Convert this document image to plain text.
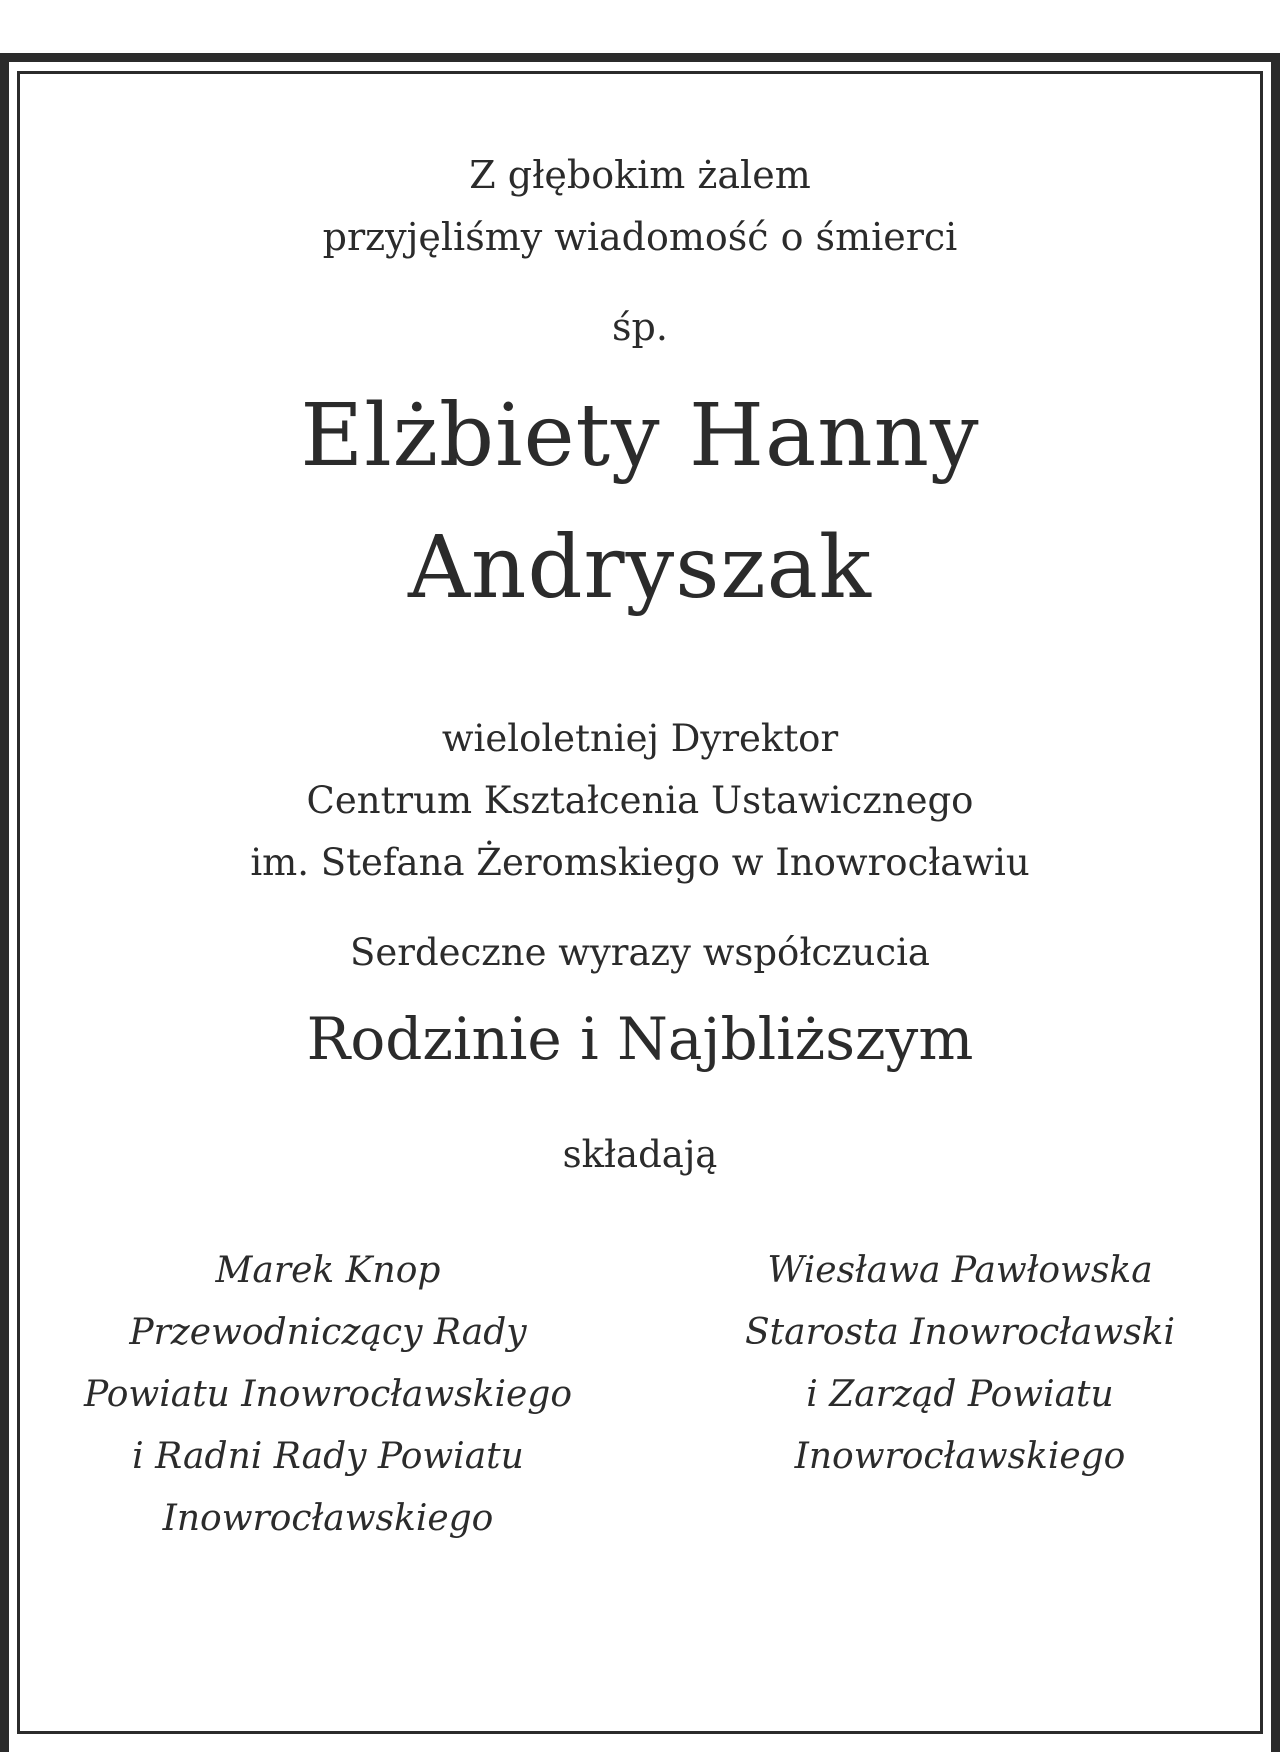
Z głębokim żalem
przyjęliśmy wiadomość o śmierci

śp.

Elżbiety Hanny
Andryszak

wieloletniej Dyrektor
Centrum Kształcenia Ustawicznego
im. Stefana Żeromskiego w Inowrocławiu

Serdeczne wyrazy współczucia

Rodzinie i Najbliższym

składają

Marek Knop
Przewodniczący Rady
Powiatu Inowrocławskiego
i Radni Rady Powiatu
Inowrocławskiego
Wiesława Pawłowska
Starosta Inowrocławski
i Zarząd Powiatu
Inowrocławskiego
